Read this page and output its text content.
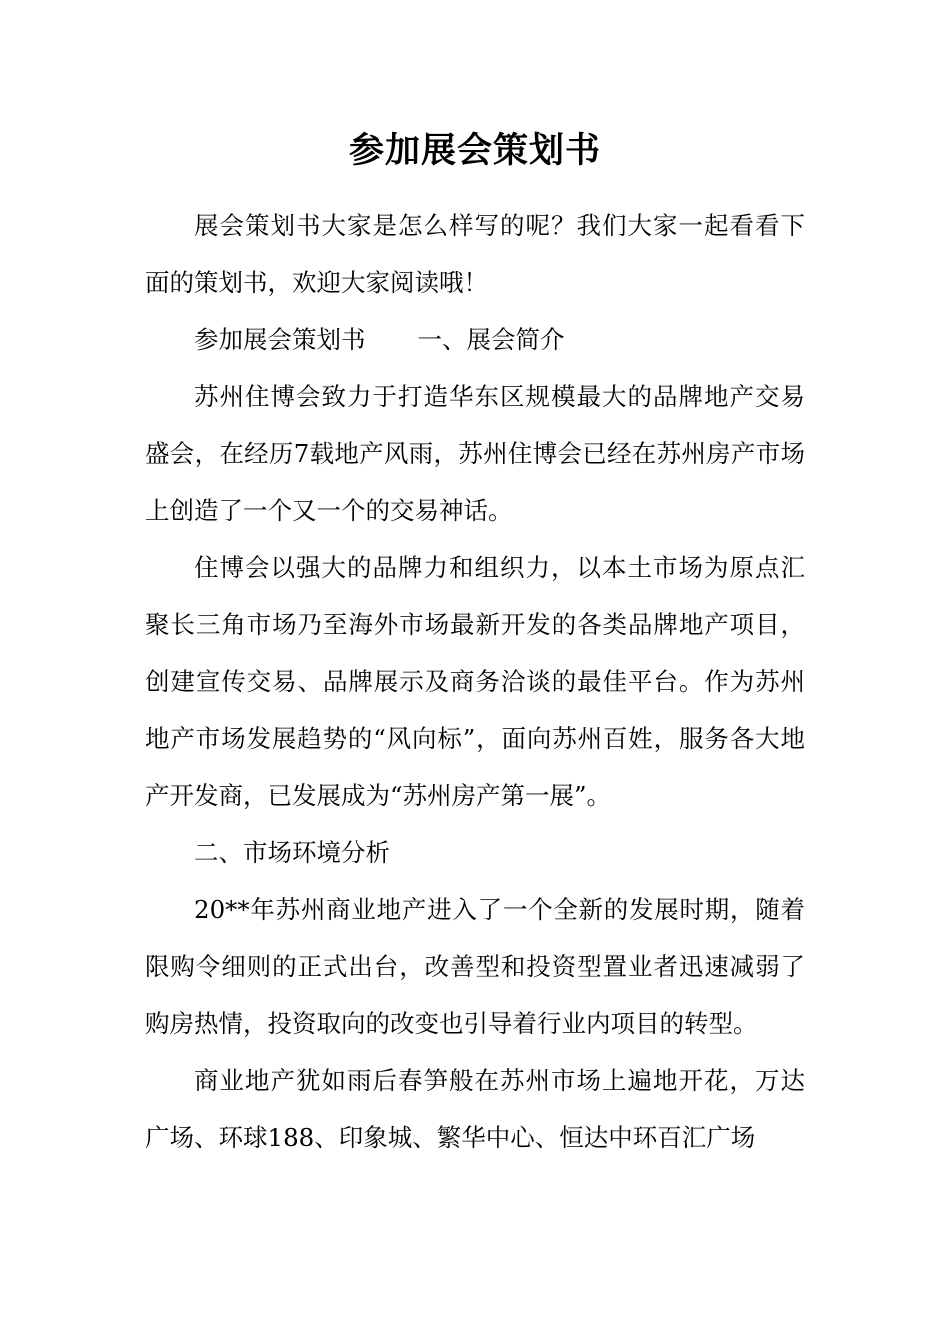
参加展会策划书

展会策划书大家是怎么样写的呢？我们大家一起看看下面的策划书，欢迎大家阅读哦！

参加展会策划书 一、展会简介

苏州住博会致力于打造华东区规模最大的品牌地产交易盛会，在经历7载地产风雨，苏州住博会已经在苏州房产市场上创造了一个又一个的交易神话。

住博会以强大的品牌力和组织力，以本土市场为原点汇聚长三角市场乃至海外市场最新开发的各类品牌地产项目，创建宣传交易、品牌展示及商务洽谈的最佳平台。作为苏州地产市场发展趋势的“风向标”，面向苏州百姓，服务各大地产开发商，已发展成为“苏州房产第一展”。

二、市场环境分析

20**年苏州商业地产进入了一个全新的发展时期，随着限购令细则的正式出台，改善型和投资型置业者迅速减弱了购房热情，投资取向的改变也引导着行业内项目的转型。

商业地产犹如雨后春笋般在苏州市场上遍地开花，万达广场、环球188、印象城、繁华中心、恒达中环百汇广场
